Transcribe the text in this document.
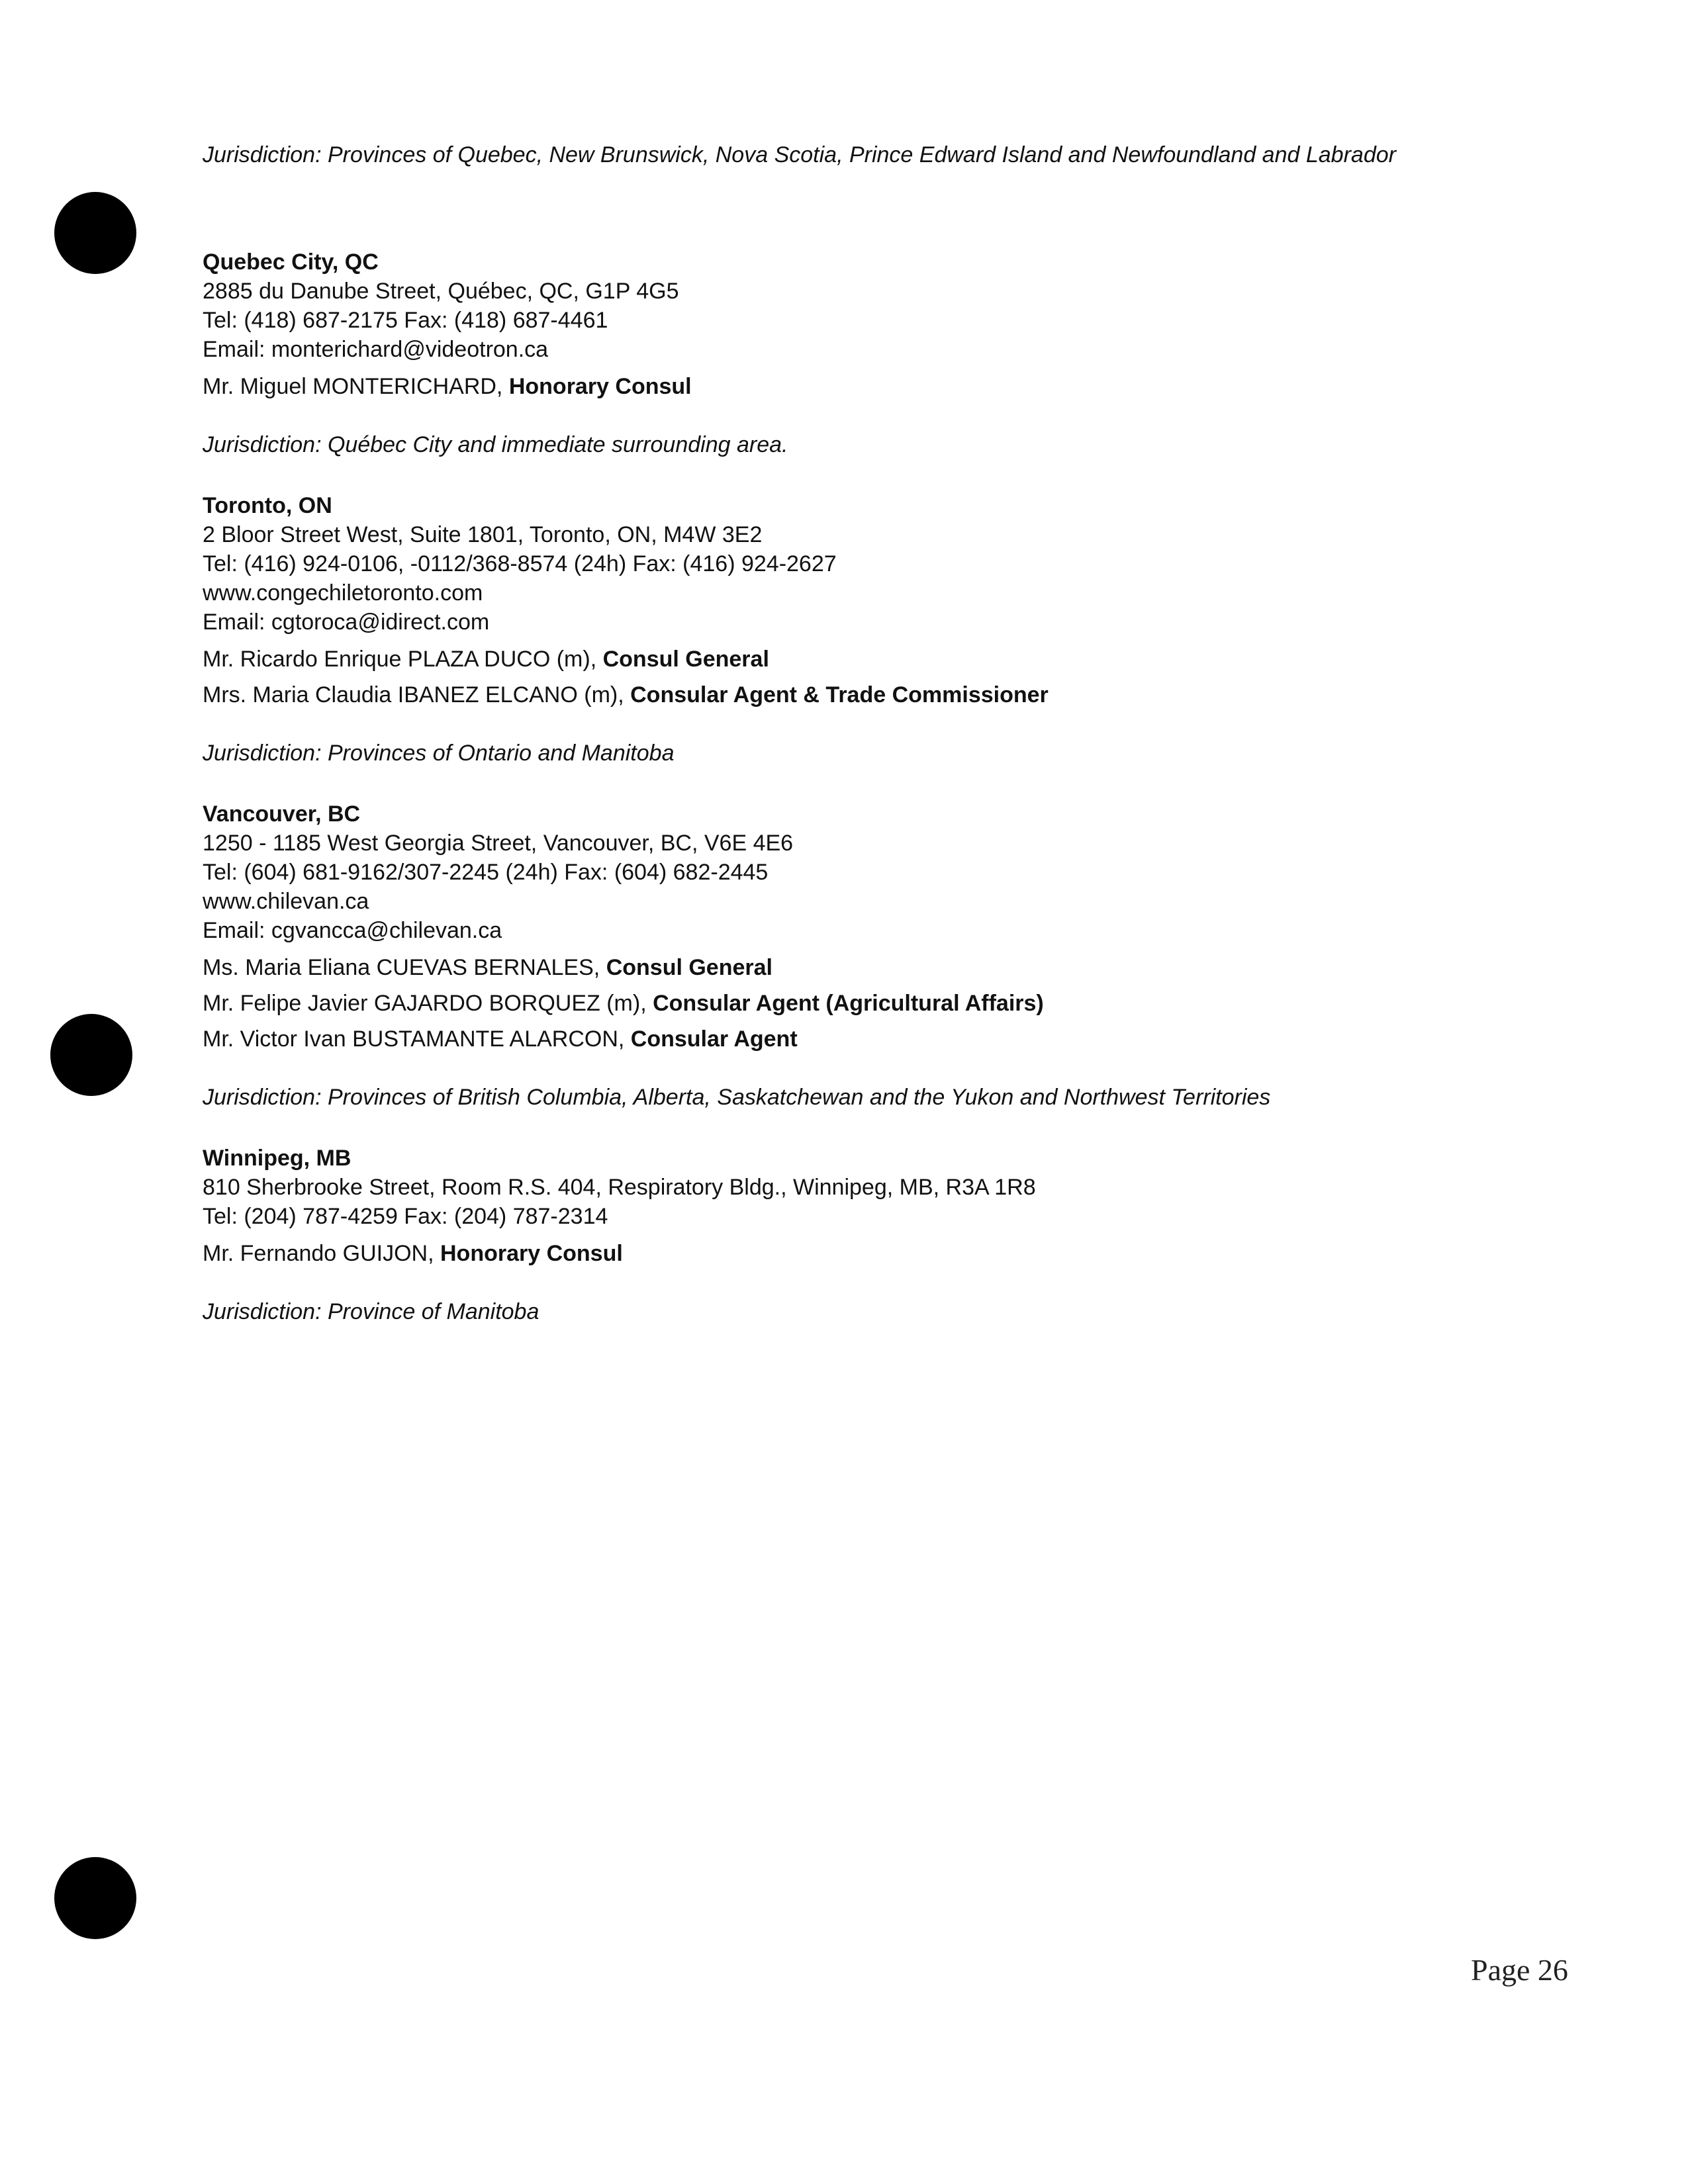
Jurisdiction: Provinces of Quebec, New Brunswick, Nova Scotia, Prince Edward Island and Newfoundland and Labrador

Quebec City, QC

2885 du Danube Street, Québec, QC, G1P 4G5

Tel: (418) 687-2175 Fax: (418) 687-4461

Email: monterichard@videotron.ca

Mr. Miguel MONTERICHARD, Honorary Consul

Jurisdiction: Québec City and immediate surrounding area.

Toronto, ON

2 Bloor Street West, Suite 1801, Toronto, ON, M4W 3E2

Tel: (416) 924-0106, -0112/368-8574 (24h) Fax: (416) 924-2627

www.congechiletoronto.com

Email: cgtoroca@idirect.com

Mr. Ricardo Enrique PLAZA DUCO (m), Consul General

Mrs. Maria Claudia IBANEZ ELCANO (m), Consular Agent & Trade Commissioner

Jurisdiction: Provinces of Ontario and Manitoba

Vancouver, BC

1250 - 1185 West Georgia Street, Vancouver, BC, V6E 4E6

Tel: (604) 681-9162/307-2245 (24h) Fax: (604) 682-2445

www.chilevan.ca

Email: cgvancca@chilevan.ca

Ms. Maria Eliana CUEVAS BERNALES, Consul General

Mr. Felipe Javier GAJARDO BORQUEZ (m), Consular Agent (Agricultural Affairs)

Mr. Victor Ivan BUSTAMANTE ALARCON, Consular Agent

Jurisdiction: Provinces of British Columbia, Alberta, Saskatchewan and the Yukon and Northwest Territories

Winnipeg, MB

810 Sherbrooke Street, Room R.S. 404, Respiratory Bldg., Winnipeg, MB, R3A 1R8

Tel: (204) 787-4259 Fax: (204) 787-2314

Mr. Fernando GUIJON, Honorary Consul

Jurisdiction: Province of Manitoba

Page 26
